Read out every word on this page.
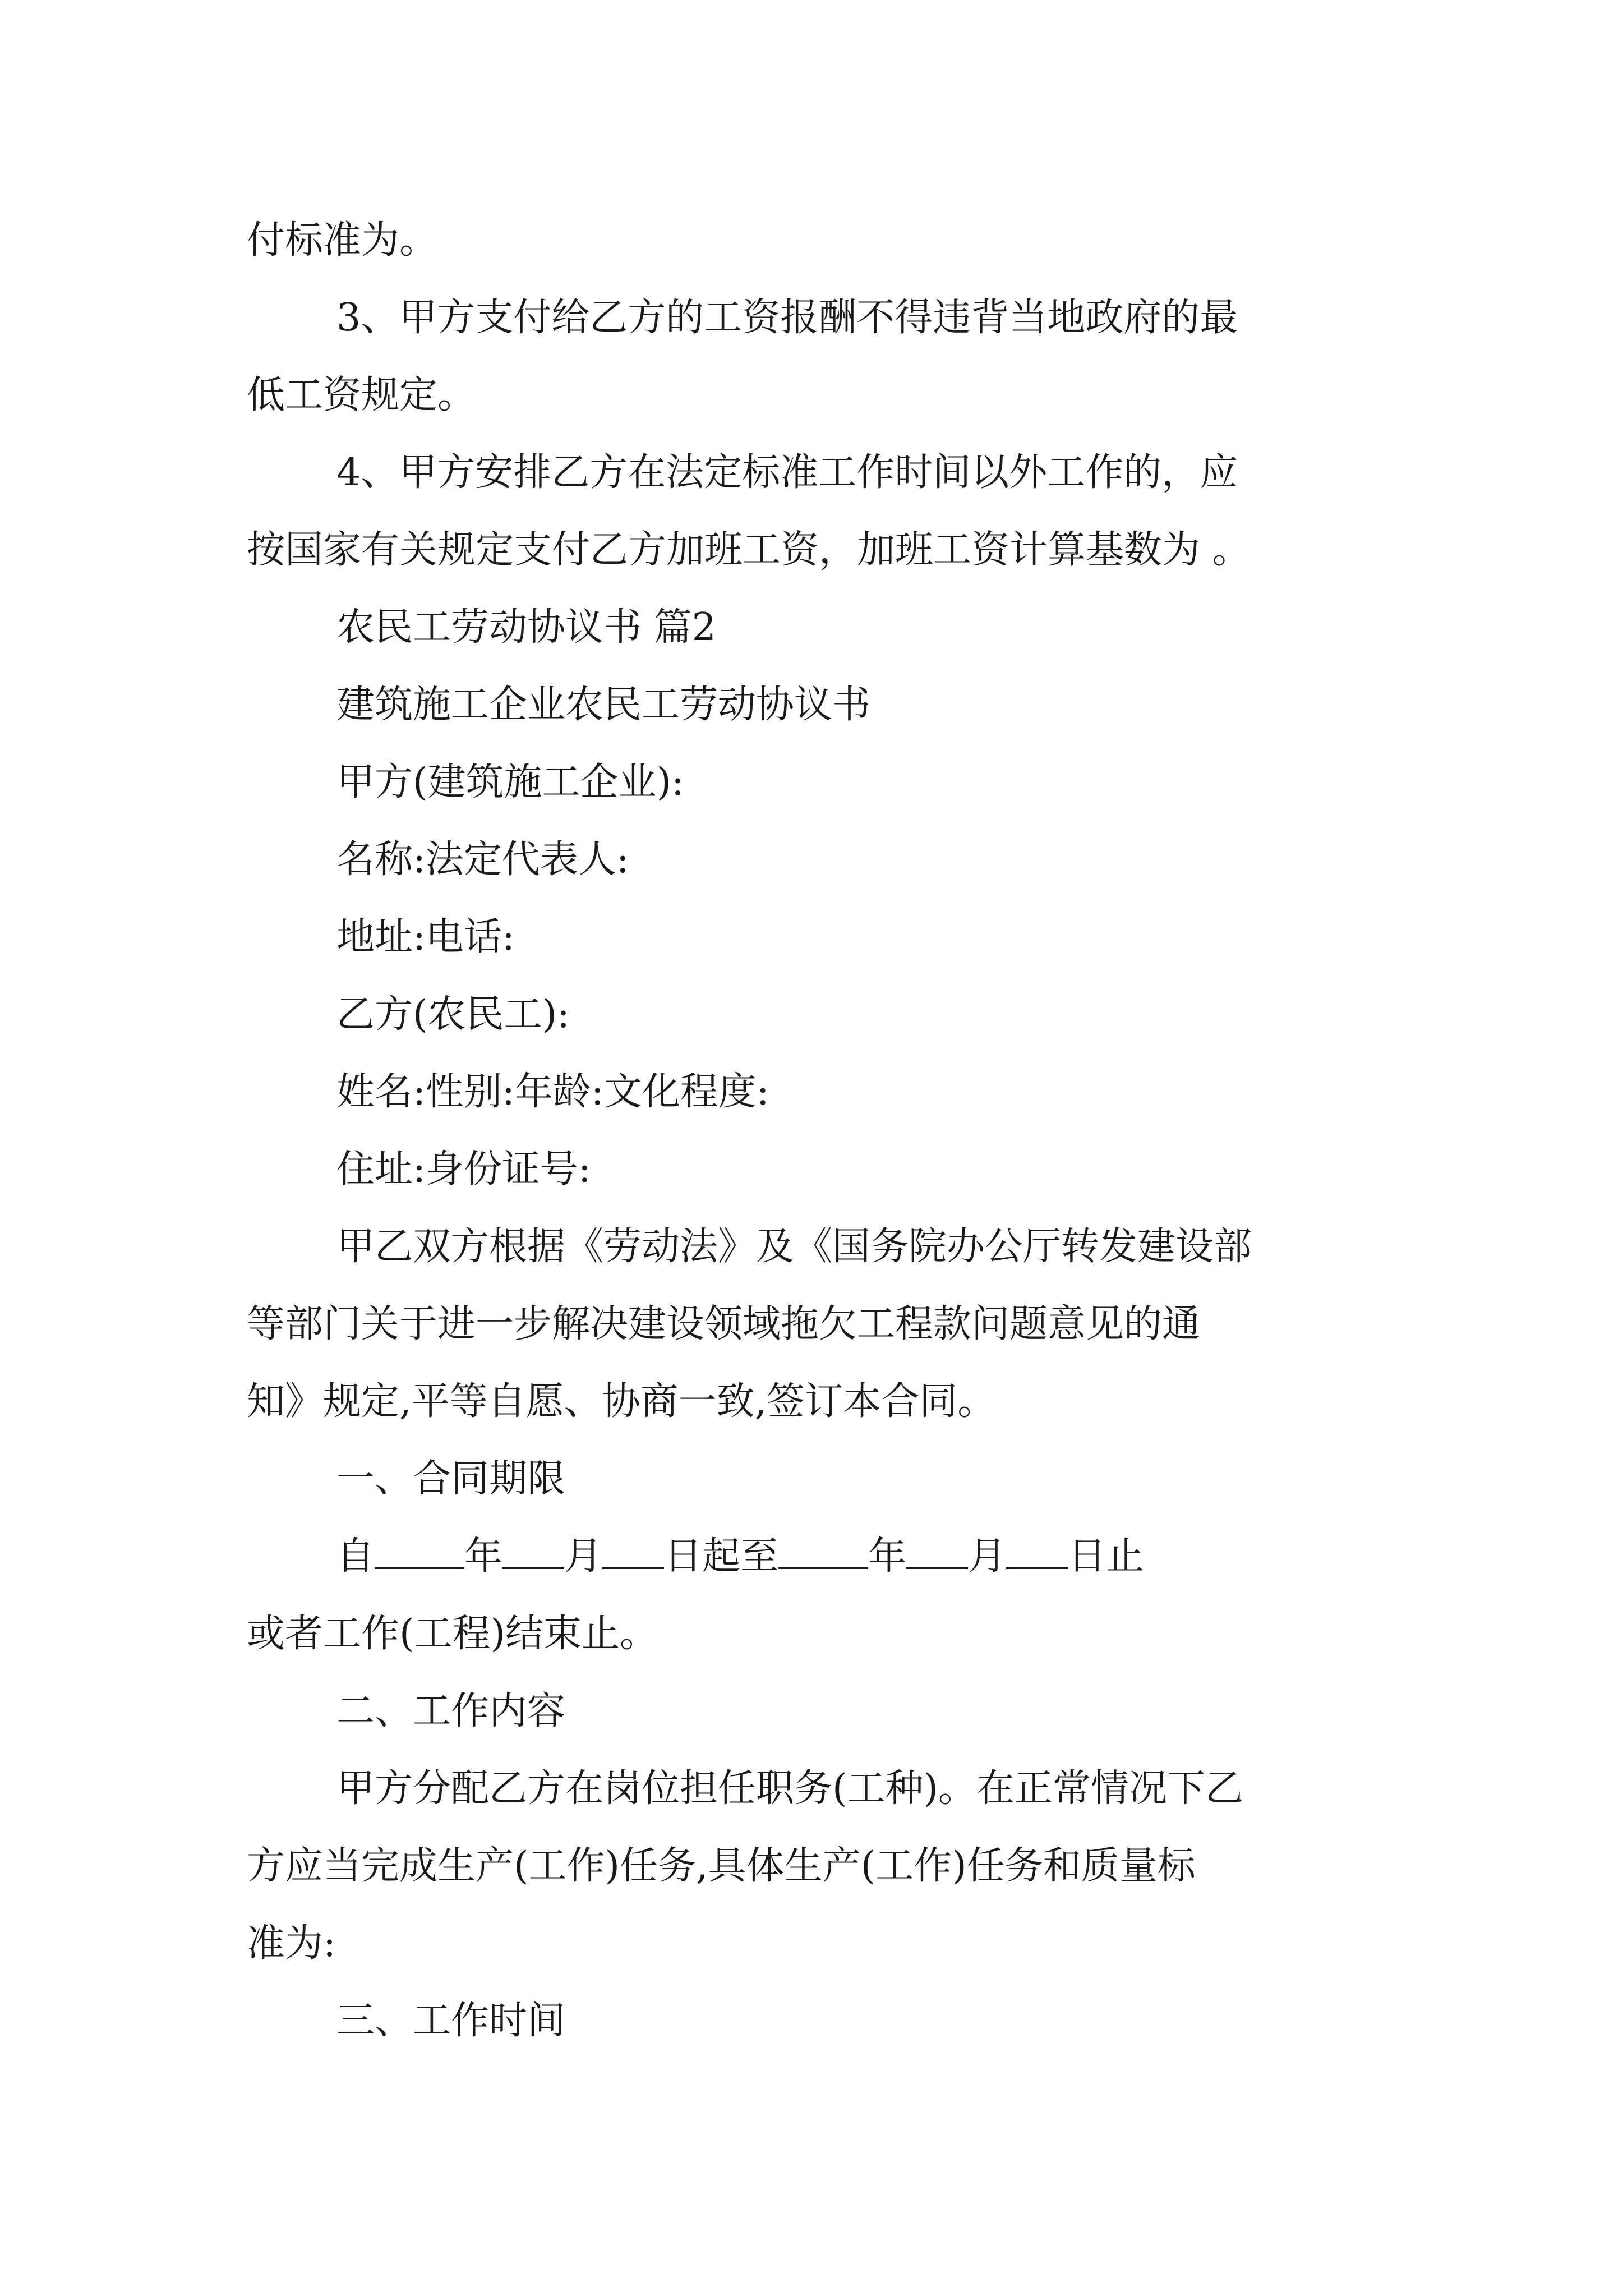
付标准为。

3、甲方支付给乙方的工资报酬不得违背当地政府的最

低工资规定。

4、甲方安排乙方在法定标准工作时间以外工作的，应

按国家有关规定支付乙方加班工资，加班工资计算基数为 。

农民工劳动协议书 篇2

建筑施工企业农民工劳动协议书

甲方(建筑施工企业):

名称:法定代表人:

地址:电话:

乙方(农民工):

姓名:性别:年龄:文化程度:

住址:身份证号:

甲乙双方根据《劳动法》及《国务院办公厅转发建设部

等部门关于进一步解决建设领域拖欠工程款问题意见的通

知》规定,平等自愿、协商一致,签订本合同。

一、合同期限

自 年 月 日起至 年 月 日止

或者工作(工程)结束止。

二、工作内容

甲方分配乙方在岗位担任职务(工种)。在正常情况下乙

方应当完成生产(工作)任务,具体生产(工作)任务和质量标

准为:

三、工作时间
